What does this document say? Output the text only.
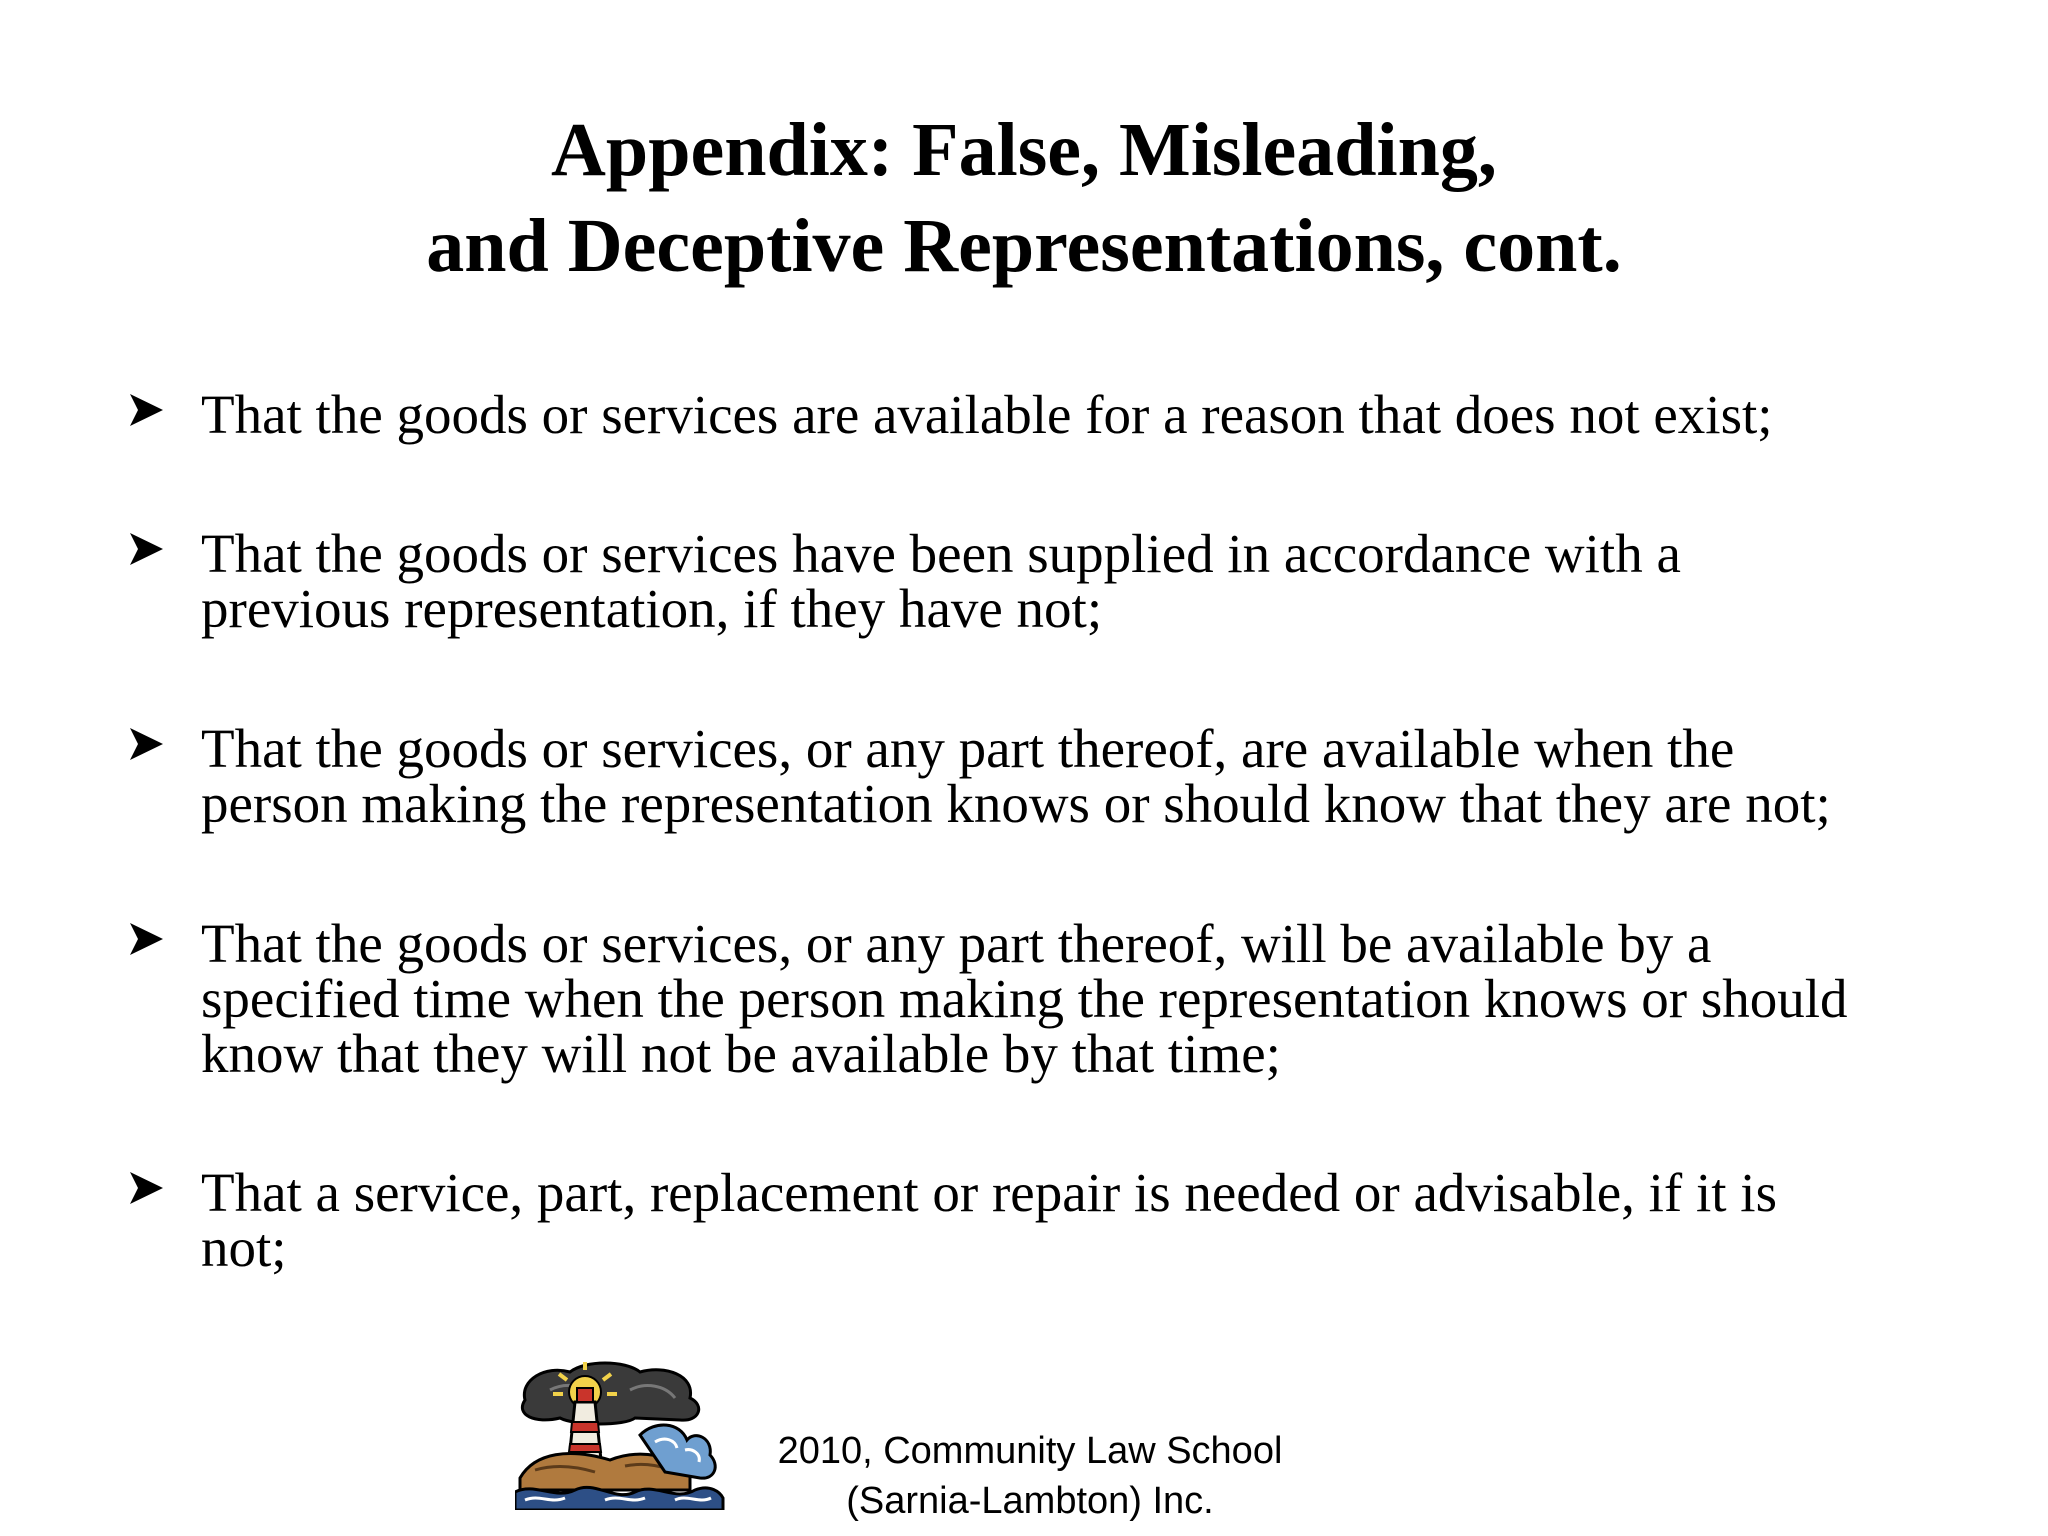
Appendix: False, Misleading,
and Deceptive Representations, cont.

That the goods or services are available for a reason that does not exist;

That the goods or services have been supplied in accordance with a
previous representation, if they have not;

That the goods or services, or any part thereof, are available when the
person making the representation knows or should know that they are not;

That the goods or services, or any part thereof, will be available by a
specified time when the person making the representation knows or should
know that they will not be available by that time;

That a service, part, replacement or repair is needed or advisable, if it is
not;

2010, Community Law School
(Sarnia-Lambton) Inc.
